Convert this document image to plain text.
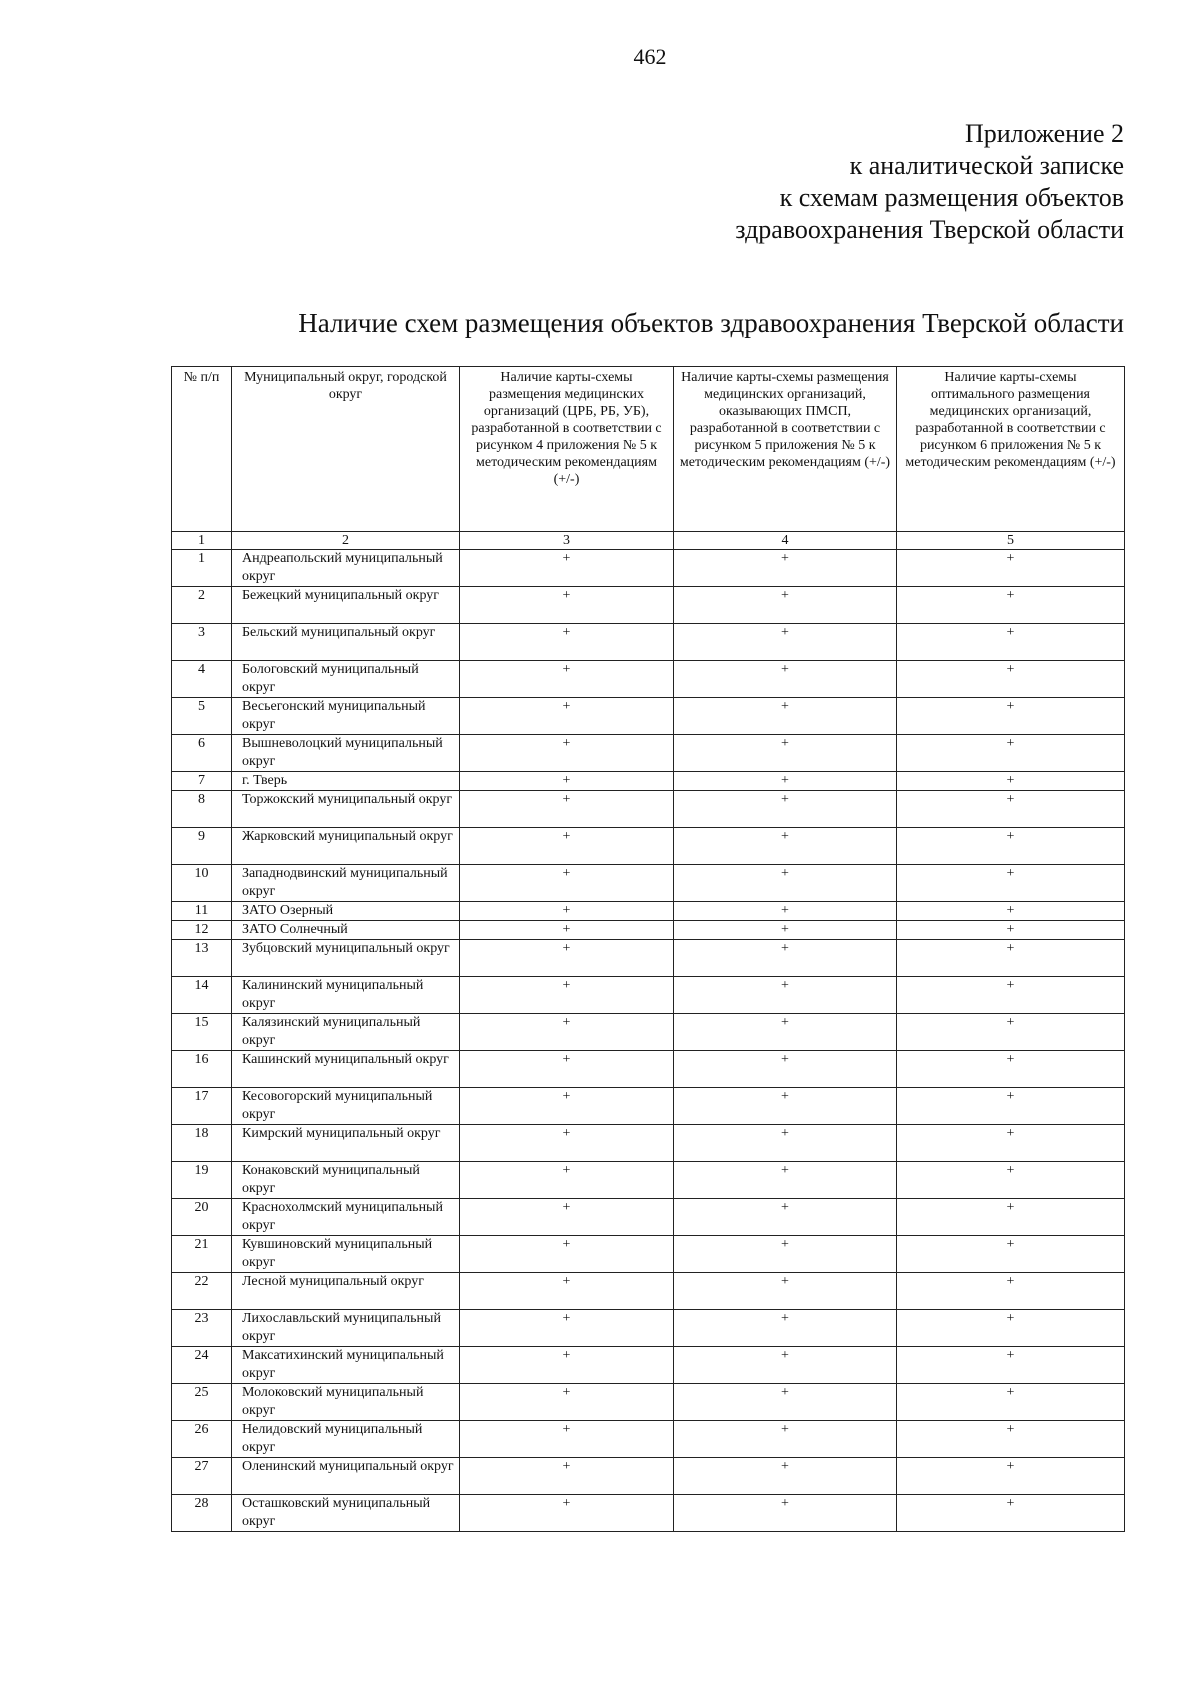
462
Приложение 2
к аналитической записке
к схемам размещения объектов
здравоохранения Тверской области
Наличие схем размещения объектов здравоохранения Тверской области
№ п/п	Муниципальный округ, городской округ	Наличие карты-схемы размещения медицинских организаций (ЦРБ, РБ, УБ), разработанной в соответствии с рисунком 4 приложения № 5 к методическим рекомендациям (+/-)	Наличие карты-схемы размещения медицинских организаций, оказывающих ПМСП, разработанной в соответствии с рисунком 5 приложения № 5 к методическим рекомендациям (+/-)	Наличие карты-схемы оптимального размещения медицинских организаций, разработанной в соответствии с рисунком 6 приложения № 5 к методическим рекомендациям (+/-)
1	2	3	4	5
1	Андреапольский муниципальный округ	+	+	+
2	Бежецкий муниципальный округ	+	+	+
3	Бельский муниципальный округ	+	+	+
4	Бологовский муниципальный округ	+	+	+
5	Весьегонский муниципальный округ	+	+	+
6	Вышневолоцкий муниципальный округ	+	+	+
7	г. Тверь	+	+	+
8	Торжокский муниципальный округ	+	+	+
9	Жарковский муниципальный округ	+	+	+
10	Западнодвинский муниципальный округ	+	+	+
11	ЗАТО Озерный	+	+	+
12	ЗАТО Солнечный	+	+	+
13	Зубцовский муниципальный округ	+	+	+
14	Калининский муниципальный округ	+	+	+
15	Калязинский муниципальный округ	+	+	+
16	Кашинский муниципальный округ	+	+	+
17	Кесовогорский муниципальный округ	+	+	+
18	Кимрский муниципальный округ	+	+	+
19	Конаковский муниципальный округ	+	+	+
20	Краснохолмский муниципальный округ	+	+	+
21	Кувшиновский муниципальный округ	+	+	+
22	Лесной муниципальный округ	+	+	+
23	Лихославльский муниципальный округ	+	+	+
24	Максатихинский муниципальный округ	+	+	+
25	Молоковский муниципальный округ	+	+	+
26	Нелидовский муниципальный округ	+	+	+
27	Оленинский муниципальный округ	+	+	+
28	Осташковский муниципальный округ	+	+	+
